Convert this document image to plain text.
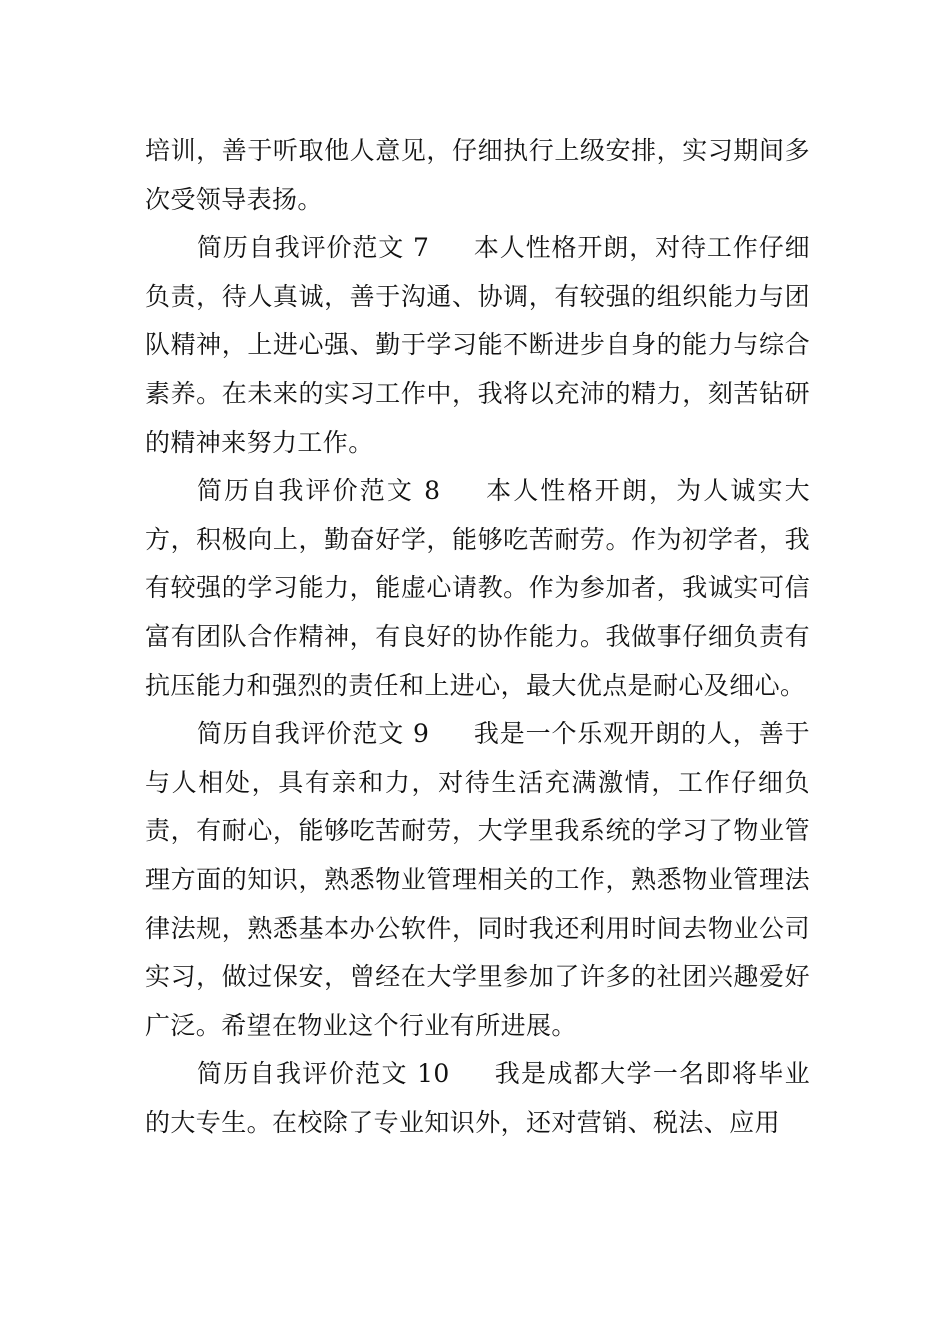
培训，善于听取他人意见，仔细执行上级安排，实习期间多次受领导表扬。

简历自我评价范文 7 本人性格开朗，对待工作仔细负责，待人真诚，善于沟通、协调，有较强的组织能力与团队精神，上进心强、勤于学习能不断进步自身的能力与综合素养。在未来的实习工作中，我将以充沛的精力，刻苦钻研的精神来努力工作。

简历自我评价范文 8 本人性格开朗，为人诚实大方，积极向上，勤奋好学，能够吃苦耐劳。作为初学者，我有较强的学习能力，能虚心请教。作为参加者，我诚实可信富有团队合作精神，有良好的协作能力。我做事仔细负责有抗压能力和强烈的责任和上进心，最大优点是耐心及细心。

简历自我评价范文 9 我是一个乐观开朗的人，善于与人相处，具有亲和力，对待生活充满激情，工作仔细负责，有耐心，能够吃苦耐劳，大学里我系统的学习了物业管理方面的知识，熟悉物业管理相关的工作，熟悉物业管理法律法规，熟悉基本办公软件，同时我还利用时间去物业公司实习，做过保安，曾经在大学里参加了许多的社团兴趣爱好广泛。希望在物业这个行业有所进展。

简历自我评价范文 10 我是成都大学一名即将毕业的大专生。在校除了专业知识外，还对营销、税法、应用
